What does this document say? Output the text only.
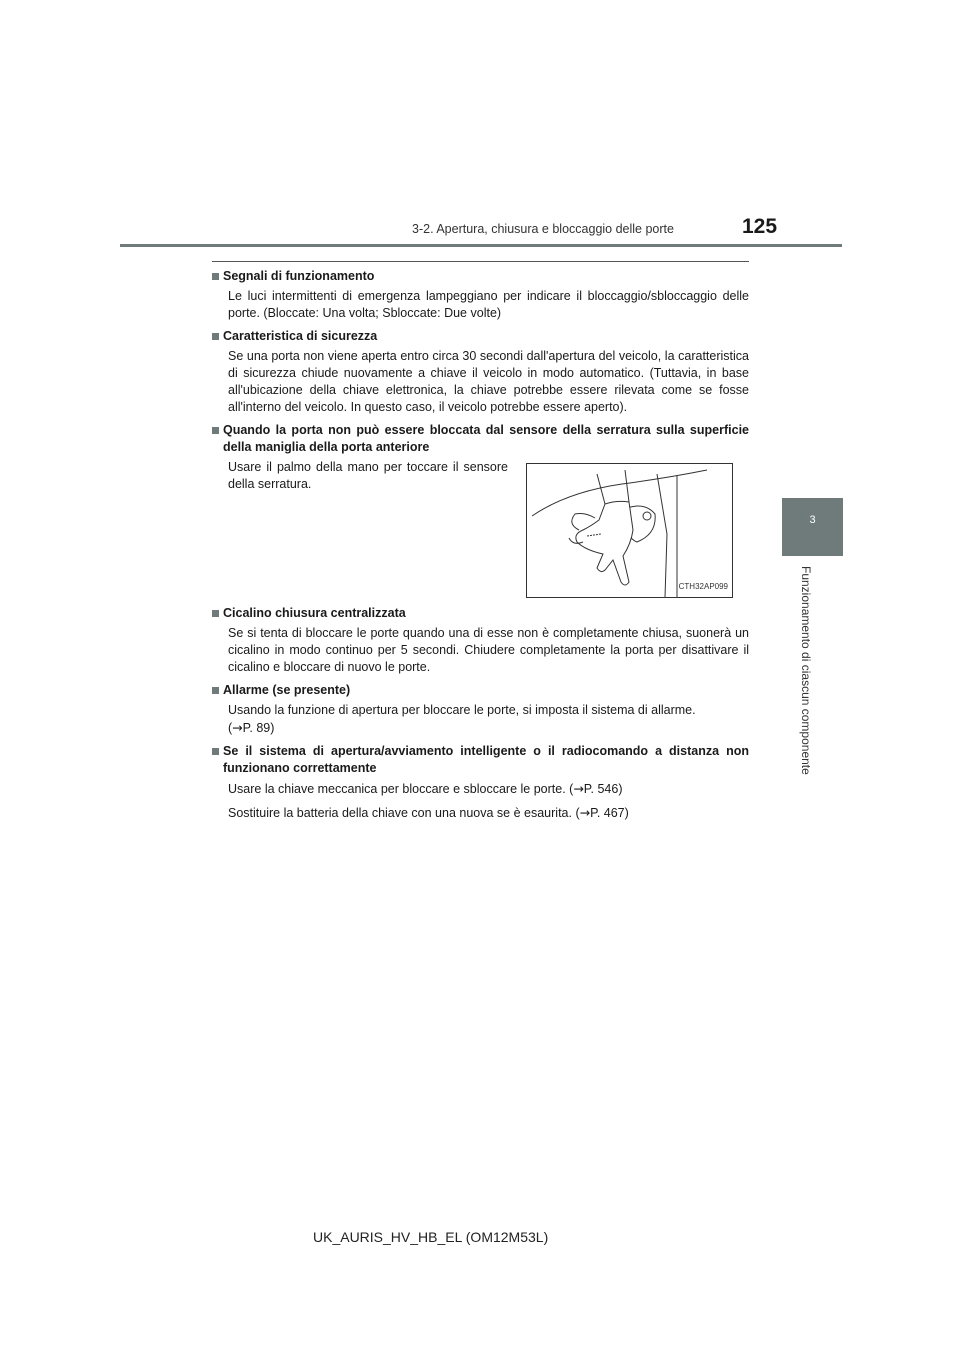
3-2. Apertura, chiusura e bloccaggio delle porte	125
3
Funzionamento di ciascun componente
Segnali di funzionamento

Le luci intermittenti di emergenza lampeggiano per indicare il bloccaggio/sbloccaggio delle porte. (Bloccate: Una volta; Sbloccate: Due volte)

Caratteristica di sicurezza

Se una porta non viene aperta entro circa 30 secondi dall'apertura del veicolo, la caratteristica di sicurezza chiude nuovamente a chiave il veicolo in modo automatico. (Tuttavia, in base all'ubicazione della chiave elettronica, la chiave potrebbe essere rilevata come se fosse all'interno del veicolo. In questo caso, il veicolo potrebbe essere aperto).

Quando la porta non può essere bloccata dal sensore della serratura sulla superficie della maniglia della porta anteriore
Usare il palmo della mano per toccare il sensore della serratura.
CTH32AP099
Cicalino chiusura centralizzata

Se si tenta di bloccare le porte quando una di esse non è completamente chiusa, suonerà un cicalino in modo continuo per 5 secondi. Chiudere completamente la porta per disattivare il cicalino e bloccare di nuovo le porte.

Allarme (se presente)

Usando la funzione di apertura per bloccare le porte, si imposta il sistema di allarme.
(→P. 89)

Se il sistema di apertura/avviamento intelligente o il radiocomando a distanza non funzionano correttamente

Usare la chiave meccanica per bloccare e sbloccare le porte. (→P. 546)

Sostituire la batteria della chiave con una nuova se è esaurita. (→P. 467)

UK_AURIS_HV_HB_EL (OM12M53L)
